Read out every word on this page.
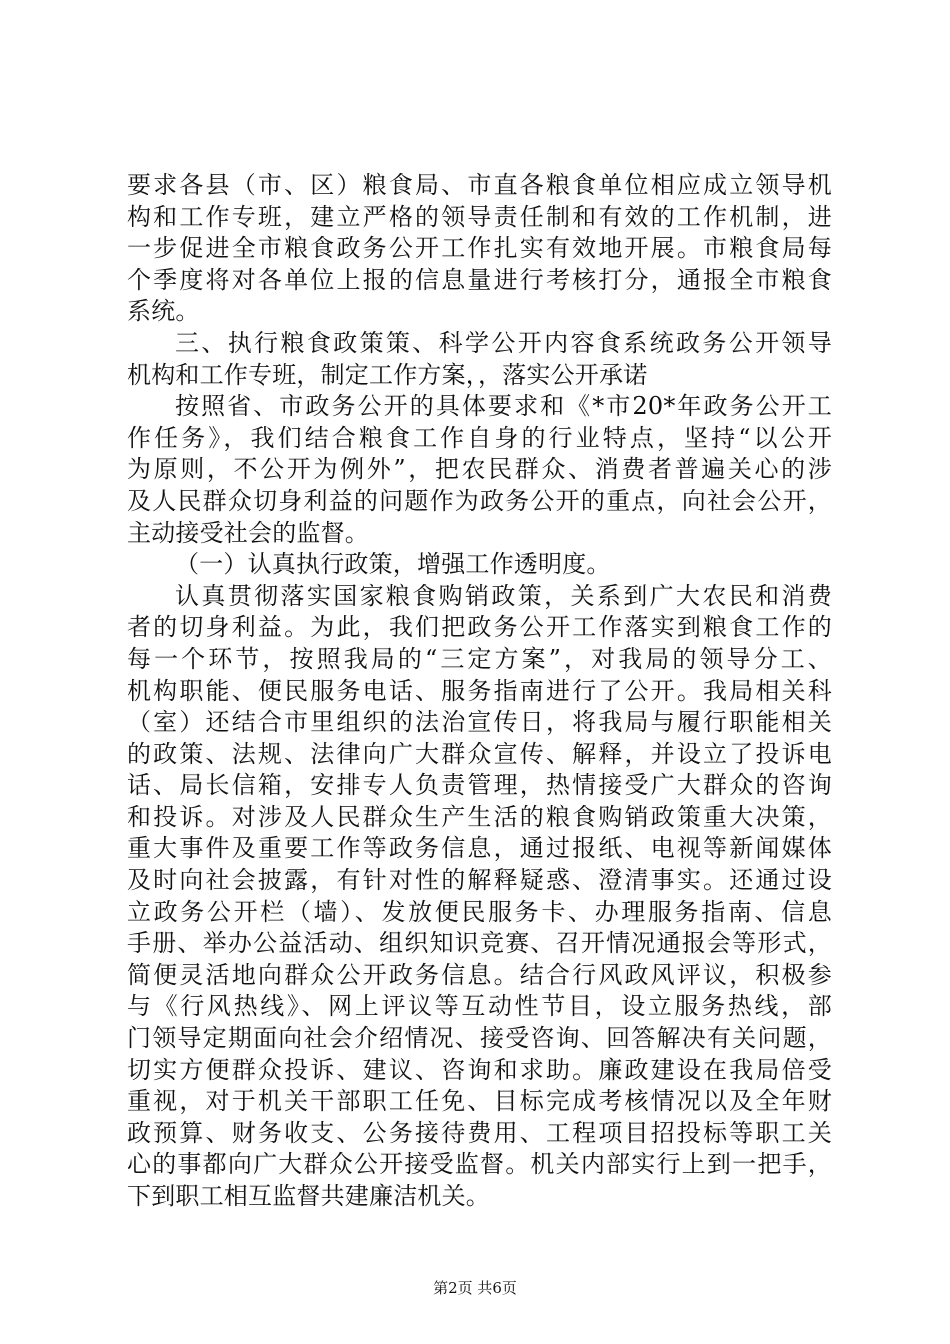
要求各县（市、区）粮食局、市直各粮食单位相应成立领导机
构和工作专班，建立严格的领导责任制和有效的工作机制，进
一步促进全市粮食政务公开工作扎实有效地开展。市粮食局每
个季度将对各单位上报的信息量进行考核打分，通报全市粮食
系统。
三、执行粮食政策策、科学公开内容食系统政务公开领导
机构和工作专班，制定工作方案，，落实公开承诺
按照省、市政务公开的具体要求和《*市20*年政务公开工
作任务》，我们结合粮食工作自身的行业特点，坚持“以公开
为原则，不公开为例外”，把农民群众、消费者普遍关心的涉
及人民群众切身利益的问题作为政务公开的重点，向社会公开，
主动接受社会的监督。
（一）认真执行政策，增强工作透明度。
认真贯彻落实国家粮食购销政策，关系到广大农民和消费
者的切身利益。为此，我们把政务公开工作落实到粮食工作的
每一个环节，按照我局的“三定方案”，对我局的领导分工、
机构职能、便民服务电话、服务指南进行了公开。我局相关科
（室）还结合市里组织的法治宣传日，将我局与履行职能相关
的政策、法规、法律向广大群众宣传、解释，并设立了投诉电
话、局长信箱，安排专人负责管理，热情接受广大群众的咨询
和投诉。对涉及人民群众生产生活的粮食购销政策重大决策，
重大事件及重要工作等政务信息，通过报纸、电视等新闻媒体
及时向社会披露，有针对性的解释疑惑、澄清事实。还通过设
立政务公开栏（墙）、发放便民服务卡、办理服务指南、信息
手册、举办公益活动、组织知识竞赛、召开情况通报会等形式，
简便灵活地向群众公开政务信息。结合行风政风评议，积极参
与《行风热线》、网上评议等互动性节目，设立服务热线，部
门领导定期面向社会介绍情况、接受咨询、回答解决有关问题，
切实方便群众投诉、建议、咨询和求助。廉政建设在我局倍受
重视，对于机关干部职工任免、目标完成考核情况以及全年财
政预算、财务收支、公务接待费用、工程项目招投标等职工关
心的事都向广大群众公开接受监督。机关内部实行上到一把手，
下到职工相互监督共建廉洁机关。
第2页 共6页
